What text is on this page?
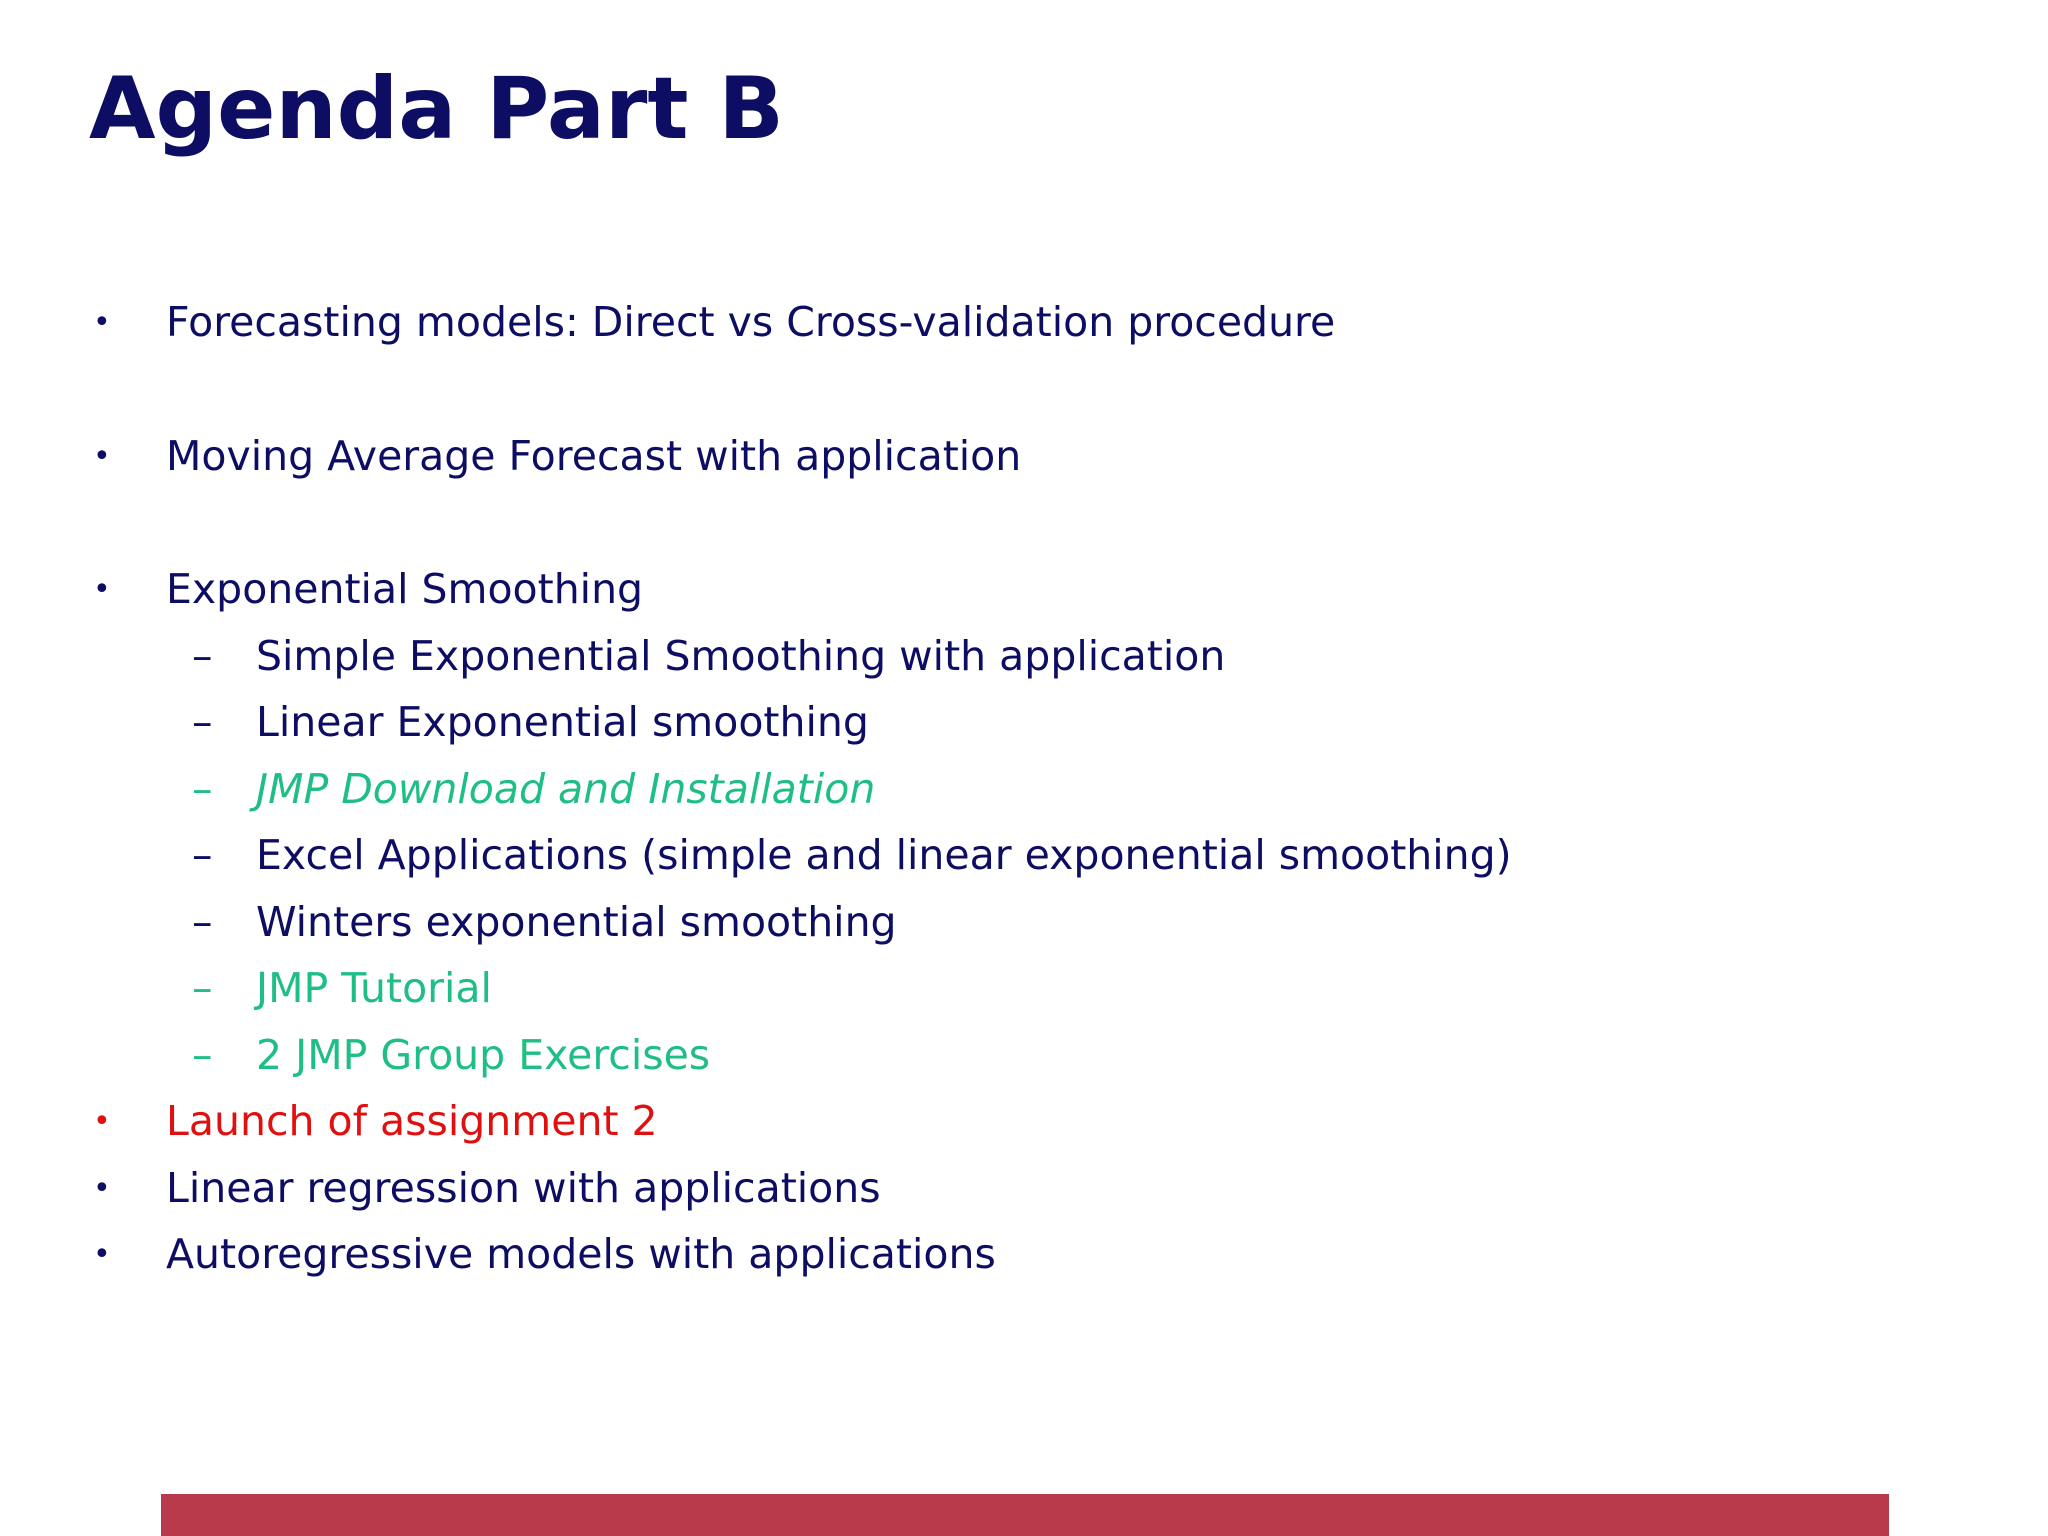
Agenda Part B
• Forecasting models: Direct vs Cross-validation procedure
• Moving Average Forecast with application
• Exponential Smoothing
– Simple Exponential Smoothing with application
– Linear Exponential smoothing
– JMP Download and Installation
– Excel Applications (simple and linear exponential smoothing)
– Winters exponential smoothing
– JMP Tutorial
– 2 JMP Group Exercises
• Launch of assignment 2
• Linear regression with applications
• Autoregressive models with applications
